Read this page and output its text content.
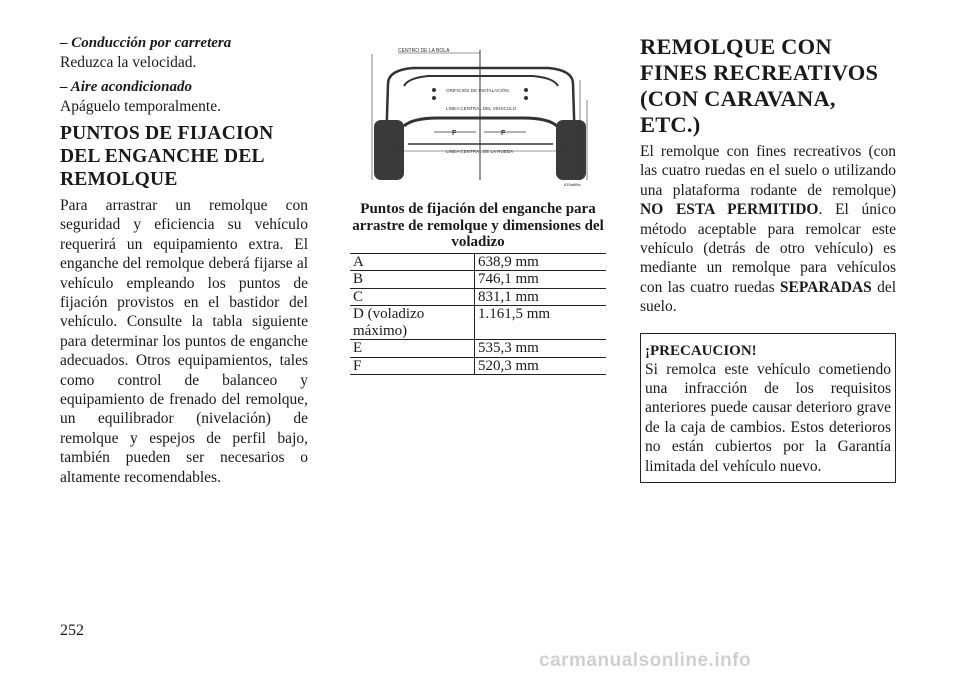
– Conducción por carretera

Reduzca la velocidad.

– Aire acondicionado

Apáguelo temporalmente.

PUNTOS DE FIJACION DEL ENGANCHE DEL REMOLQUE

Para arrastrar un remolque con seguridad y eficiencia su vehículo requerirá un equipamiento extra. El enganche del remolque deberá fijarse al vehículo empleando los puntos de fijación provistos en el bastidor del vehículo. Consulte la tabla siguiente para determinar los puntos de enganche adecuados. Otros equipamientos, tales como control de balanceo y equipamiento de frenado del remolque, un equilibrador (nivelación) de remolque y espejos de perfil bajo, también pueden ser necesarios o altamente recomendables.

CENTRO DE LA BOLA
ORIFICIOS DE INSTALACIÓN
LINEA CENTRAL DEL VEHICULO
F	F
LINEA CENTRAL DE LA RUEDA
815a8f8e
Puntos de fijación del enganche para arrastre de remolque y dimensiones del voladizo
A	638,9 mm
B	746,1 mm
C	831,1 mm
D (voladizo máximo)	1.161,5 mm
E	535,3 mm
F	520,3 mm
REMOLQUE CON FINES RECREATIVOS (CON CARAVANA, ETC.)

El remolque con fines recreativos (con las cuatro ruedas en el suelo o utilizando una plataforma rodante de remolque) NO ESTA PERMITIDO. El único método aceptable para remolcar este vehículo (detrás de otro vehículo) es mediante un remolque para vehículos con las cuatro ruedas SEPARADAS del suelo.

¡PRECAUCION!

Si remolca este vehículo cometiendo una infracción de los requisitos anteriores puede causar deterioro grave de la caja de cambios. Estos deterioros no están cubiertos por la Garantía limitada del vehículo nuevo.

252
carmanualsonline.info
